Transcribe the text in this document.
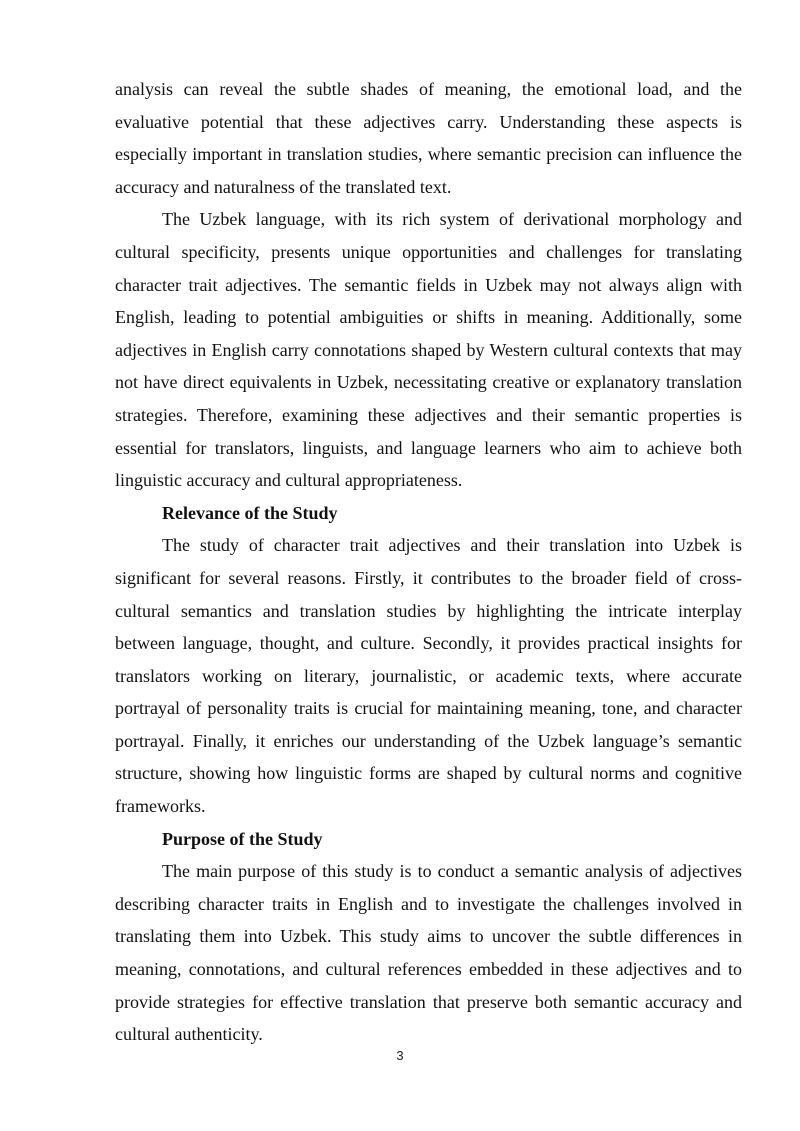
analysis can reveal the subtle shades of meaning, the emotional load, and the evaluative potential that these adjectives carry. Understanding these aspects is especially important in translation studies, where semantic precision can influence the accuracy and naturalness of the translated text.

The Uzbek language, with its rich system of derivational morphology and cultural specificity, presents unique opportunities and challenges for translating character trait adjectives. The semantic fields in Uzbek may not always align with English, leading to potential ambiguities or shifts in meaning. Additionally, some adjectives in English carry connotations shaped by Western cultural contexts that may not have direct equivalents in Uzbek, necessitating creative or explanatory translation strategies. Therefore, examining these adjectives and their semantic properties is essential for translators, linguists, and language learners who aim to achieve both linguistic accuracy and cultural appropriateness.

Relevance of the Study

The study of character trait adjectives and their translation into Uzbek is significant for several reasons. Firstly, it contributes to the broader field of cross-cultural semantics and translation studies by highlighting the intricate interplay between language, thought, and culture. Secondly, it provides practical insights for translators working on literary, journalistic, or academic texts, where accurate portrayal of personality traits is crucial for maintaining meaning, tone, and character portrayal. Finally, it enriches our understanding of the Uzbek language’s semantic structure, showing how linguistic forms are shaped by cultural norms and cognitive frameworks.

Purpose of the Study

The main purpose of this study is to conduct a semantic analysis of adjectives describing character traits in English and to investigate the challenges involved in translating them into Uzbek. This study aims to uncover the subtle differences in meaning, connotations, and cultural references embedded in these adjectives and to provide strategies for effective translation that preserve both semantic accuracy and cultural authenticity.

3
